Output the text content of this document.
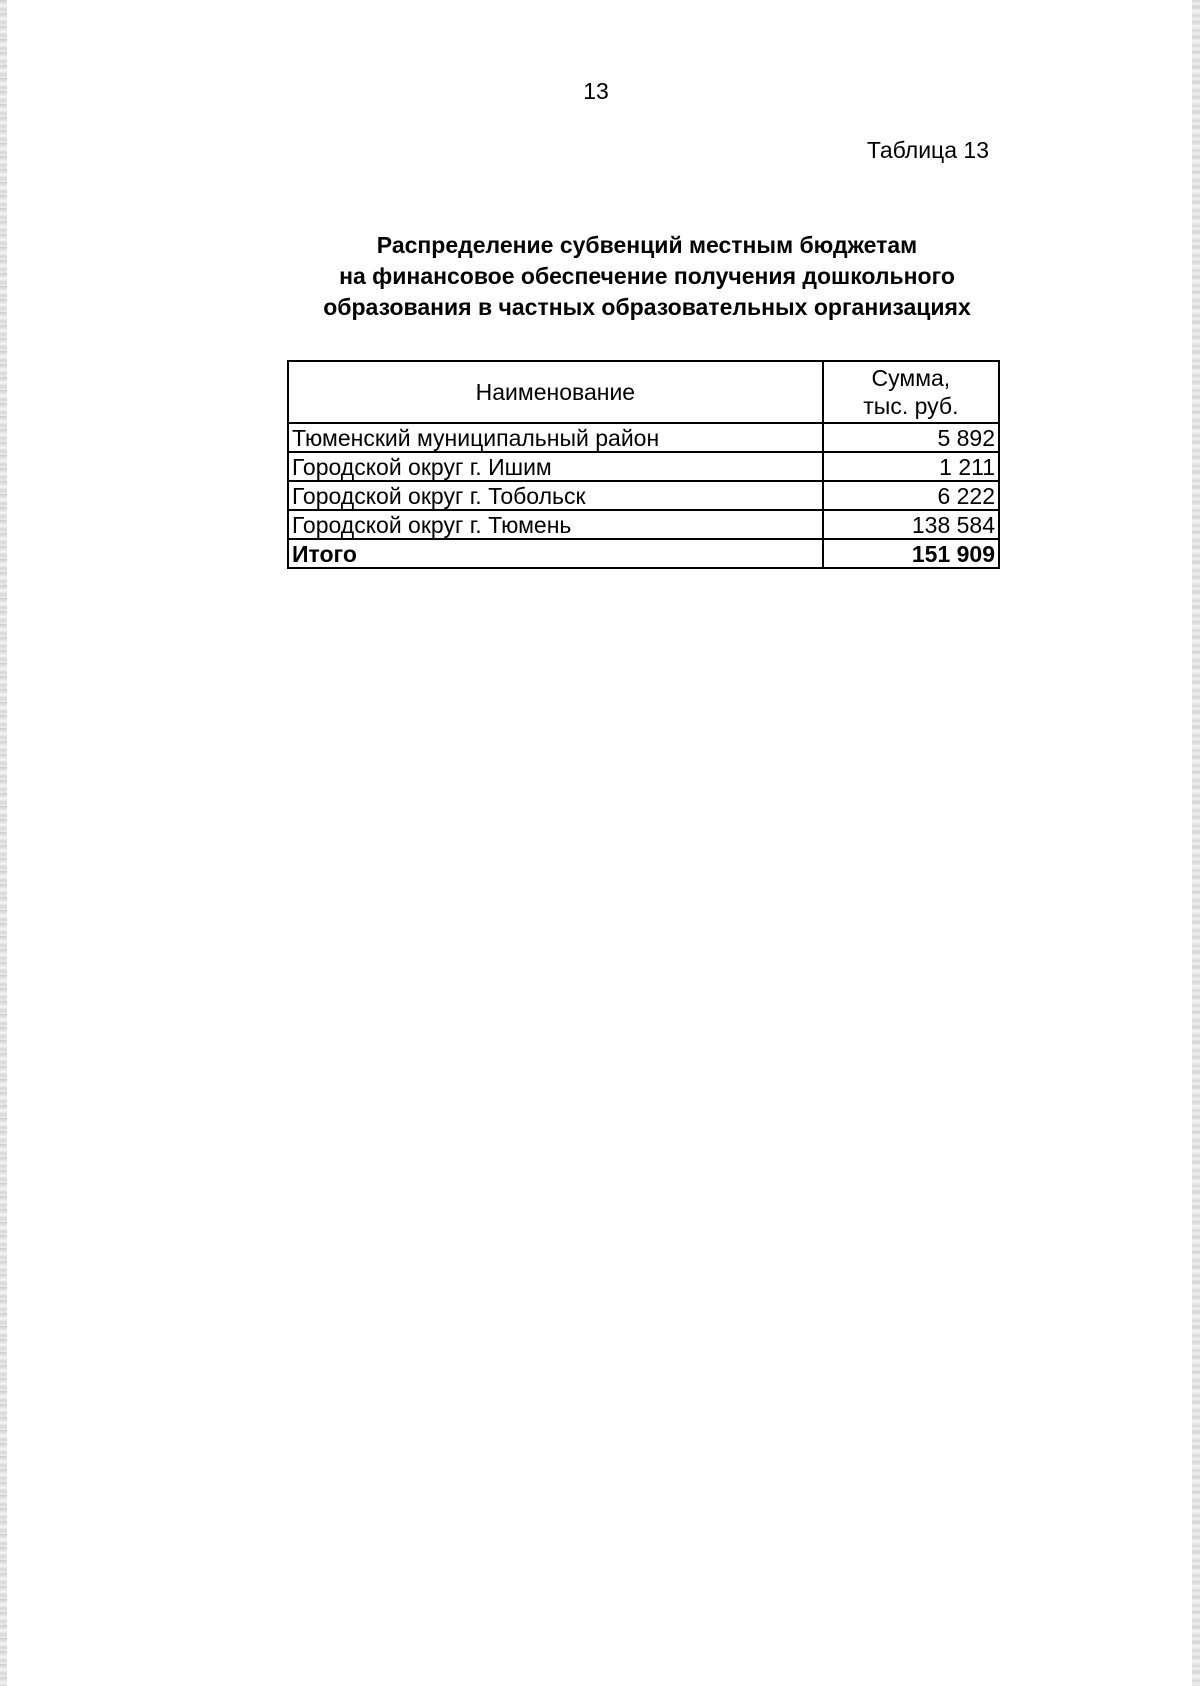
13
Таблица 13
Распределение субвенций местным бюджетам
на финансовое обеспечение получения дошкольного
образования в частных образовательных организациях
Наименование	Сумма,
тыс. руб.

Тюменский муниципальный район	5 892
Городской округ г. Ишим	1 211
Городской округ г. Тобольск	6 222
Городской округ г. Тюмень	138 584
Итого	151 909
